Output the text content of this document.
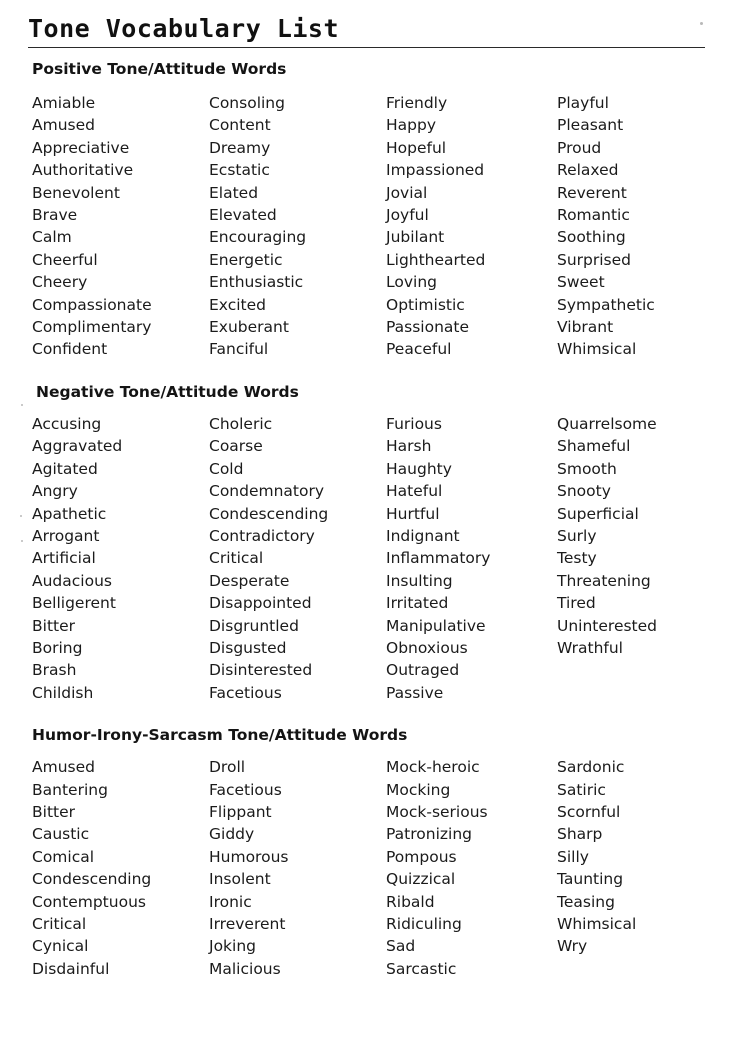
Tone Vocabulary List
Positive Tone/Attitude Words
Amiable
Amused
Appreciative
Authoritative
Benevolent
Brave
Calm
Cheerful
Cheery
Compassionate
Complimentary
Confident
Consoling
Content
Dreamy
Ecstatic
Elated
Elevated
Encouraging
Energetic
Enthusiastic
Excited
Exuberant
Fanciful
Friendly
Happy
Hopeful
Impassioned
Jovial
Joyful
Jubilant
Lighthearted
Loving
Optimistic
Passionate
Peaceful
Playful
Pleasant
Proud
Relaxed
Reverent
Romantic
Soothing
Surprised
Sweet
Sympathetic
Vibrant
Whimsical
Negative Tone/Attitude Words
Accusing
Aggravated
Agitated
Angry
Apathetic
Arrogant
Artificial
Audacious
Belligerent
Bitter
Boring
Brash
Childish
Choleric
Coarse
Cold
Condemnatory
Condescending
Contradictory
Critical
Desperate
Disappointed
Disgruntled
Disgusted
Disinterested
Facetious
Furious
Harsh
Haughty
Hateful
Hurtful
Indignant
Inflammatory
Insulting
Irritated
Manipulative
Obnoxious
Outraged
Passive
Quarrelsome
Shameful
Smooth
Snooty
Superficial
Surly
Testy
Threatening
Tired
Uninterested
Wrathful
Humor-Irony-Sarcasm Tone/Attitude Words
Amused
Bantering
Bitter
Caustic
Comical
Condescending
Contemptuous
Critical
Cynical
Disdainful
Droll
Facetious
Flippant
Giddy
Humorous
Insolent
Ironic
Irreverent
Joking
Malicious
Mock-heroic
Mocking
Mock-serious
Patronizing
Pompous
Quizzical
Ribald
Ridiculing
Sad
Sarcastic
Sardonic
Satiric
Scornful
Sharp
Silly
Taunting
Teasing
Whimsical
Wry
